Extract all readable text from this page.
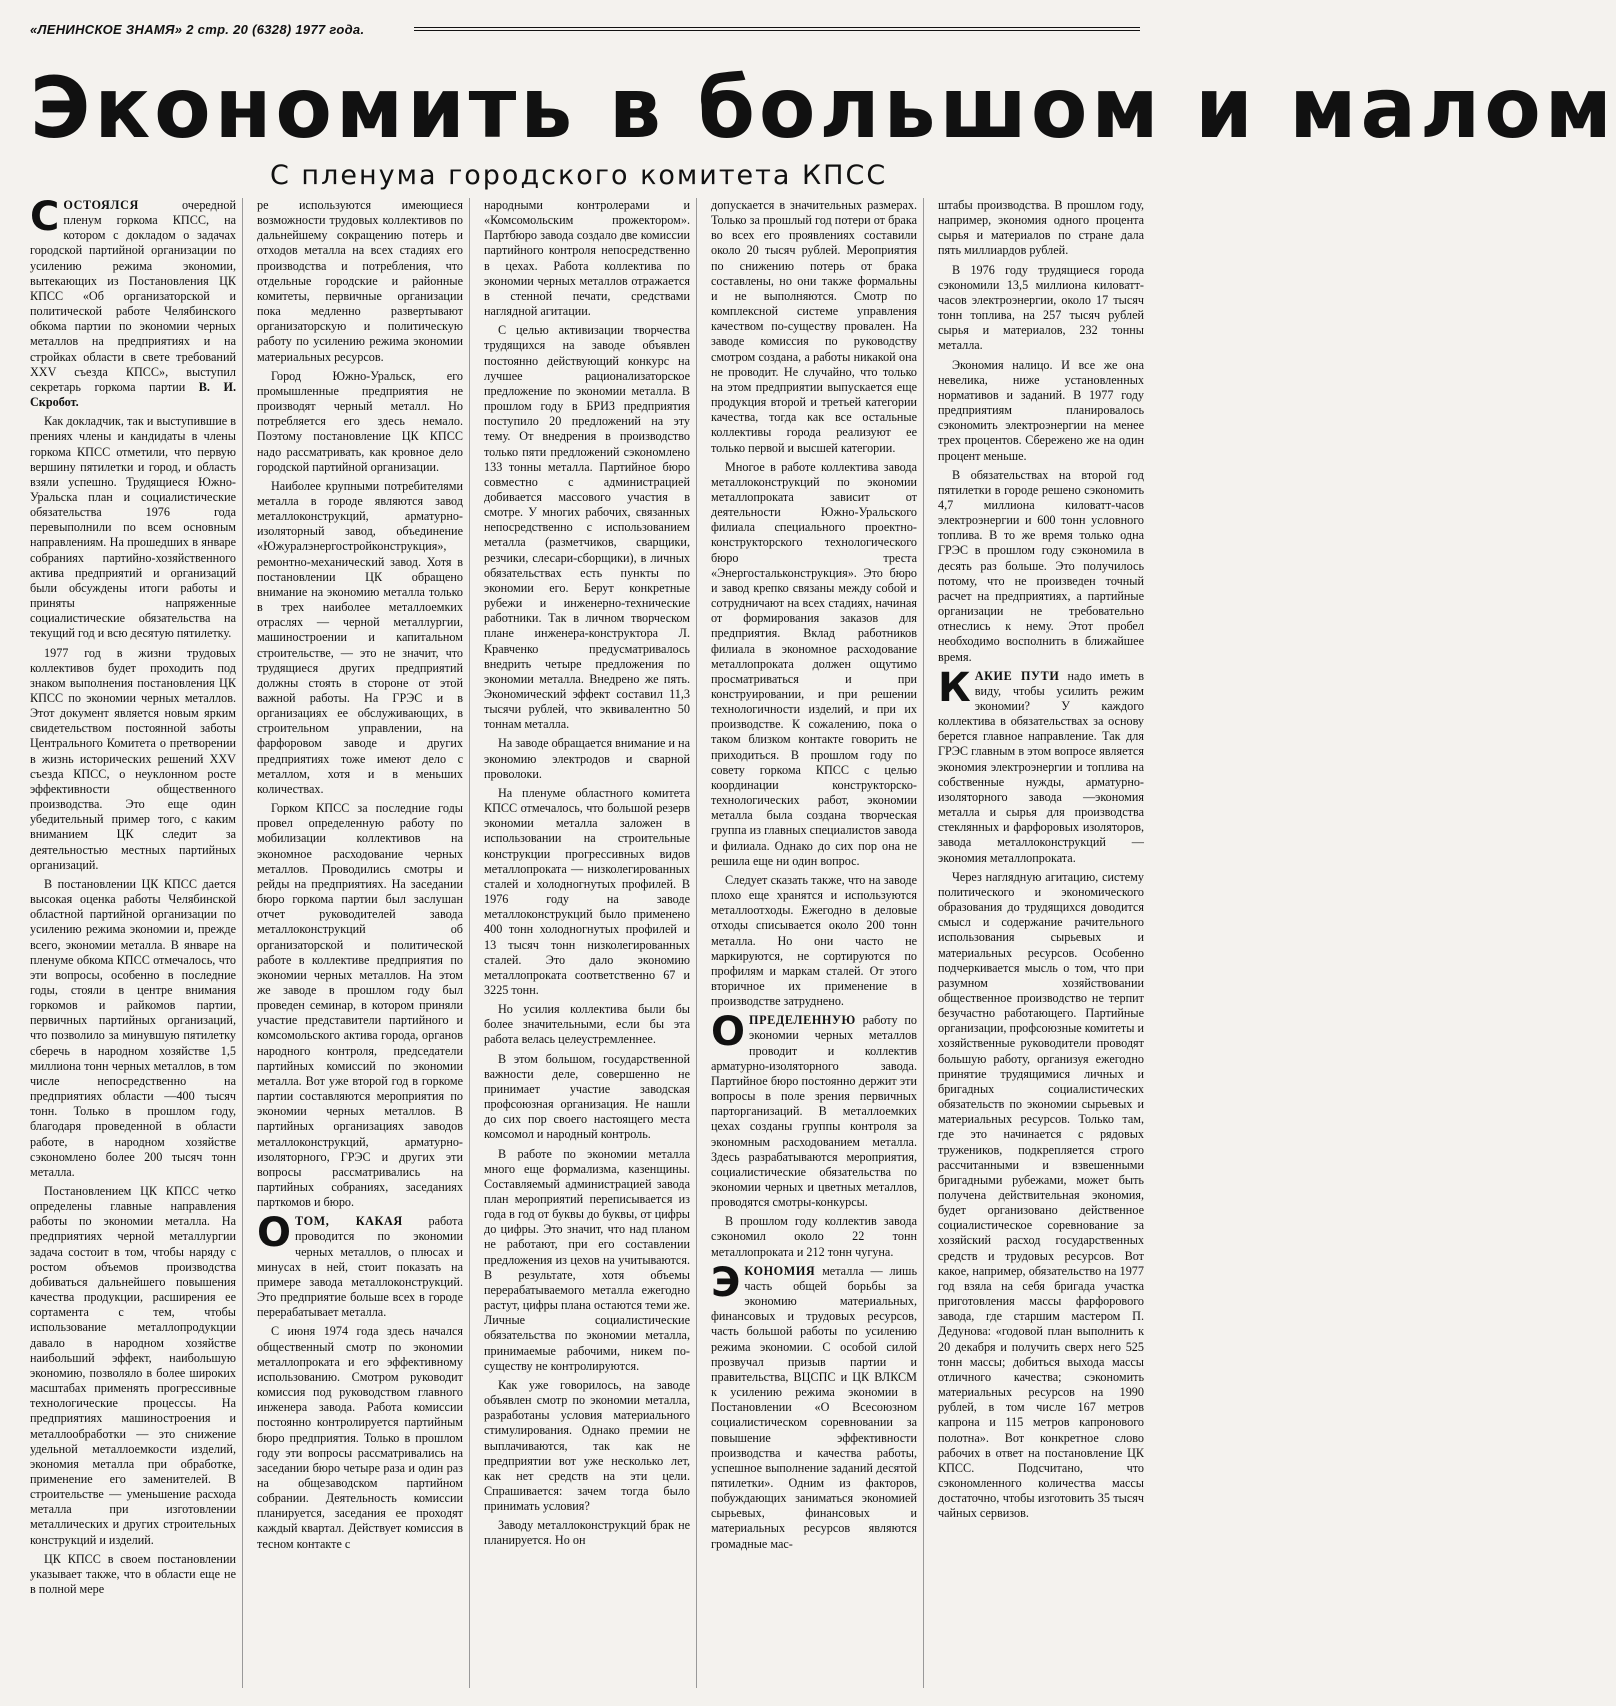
«ЛЕНИНСКОЕ ЗНАМЯ» 2 стр. 20 (6328) 1977 года.
Экономить в большом и малом
С пленума городского комитета КПСС

СОСТОЯЛСЯ очередной пленум горкома КПСС, на котором с докладом о задачах городской партийной организации по усилению режима экономии, вытекающих из Постановления ЦК КПСС «Об организаторской и политической работе Челябинского обкома партии по экономии черных металлов на предприятиях и на стройках области в свете требований XXV съезда КПСС», выступил секретарь горкома партии В. И. Скробот.

Как докладчик, так и выступившие в прениях члены и кандидаты в члены горкома КПСС отметили, что первую вершину пятилетки и город, и область взяли успешно. Трудящиеся Южно-Уральска план и социалистические обязательства 1976 года перевыполнили по всем основным направлениям. На прошедших в январе собраниях партийно-хозяйственного актива предприятий и организаций были обсуждены итоги работы и приняты напряженные социалистические обязательства на текущий год и всю десятую пятилетку.

1977 год в жизни трудовых коллективов будет проходить под знаком выполнения постановления ЦК КПСС по экономии черных металлов. Этот документ является новым ярким свидетельством постоянной заботы Центрального Комитета о претворении в жизнь исторических решений XXV съезда КПСС, о неуклонном росте эффективности общественного производства. Это еще один убедительный пример того, с каким вниманием ЦК следит за деятельностью местных партийных организаций.

В постановлении ЦК КПСС дается высокая оценка работы Челябинской областной партийной организации по усилению режима экономии и, прежде всего, экономии металла. В январе на пленуме обкома КПСС отмечалось, что эти вопросы, особенно в последние годы, стояли в центре внимания горкомов и райкомов партии, первичных партийных организаций, что позволило за минувшую пятилетку сберечь в народном хозяйстве 1,5 миллиона тонн черных металлов, в том числе непосредственно на предприятиях области —400 тысяч тонн. Только в прошлом году, благодаря проведенной в области работе, в народном хозяйстве сэкономлено более 200 тысяч тонн металла.

Постановлением ЦК КПСС четко определены главные направления работы по экономии металла. На предприятиях черной металлургии задача состоит в том, чтобы наряду с ростом объемов производства добиваться дальнейшего повышения качества продукции, расширения ее сортамента с тем, чтобы использование металлопродукции давало в народном хозяйстве наибольший эффект, наибольшую экономию, позволяло в более широких масштабах применять прогрессивные технологические процессы. На предприятиях машиностроения и металлообработки — это снижение удельной металлоемкости изделий, экономия металла при обработке, применение его заменителей. В строительстве — уменьшение расхода металла при изготовлении металлических и других строительных конструкций и изделий.

ЦК КПСС в своем постановлении указывает также, что в области еще не в полной мере

ре используются имеющиеся возможности трудовых коллективов по дальнейшему сокращению потерь и отходов металла на всех стадиях его производства и потребления, что отдельные городские и районные комитеты, первичные организации пока медленно развертывают организаторскую и политическую работу по усилению режима экономии материальных ресурсов.

Город Южно-Уральск, его промышленные предприятия не производят черный металл. Но потребляется его здесь немало. Поэтому постановление ЦК КПСС надо рассматривать, как кровное дело городской партийной организации.

Наиболее крупными потребителями металла в городе являются завод металлоконструкций, арматурно-изоляторный завод, объединение «Южуралэнергостройконструкция», ремонтно-механический завод. Хотя в постановлении ЦК обращено внимание на экономию металла только в трех наиболее металлоемких отраслях — черной металлургии, машиностроении и капитальном строительстве, — это не значит, что трудящиеся других предприятий должны стоять в стороне от этой важной работы. На ГРЭС и в организациях ее обслуживающих, в строительном управлении, на фарфоровом заводе и других предприятиях тоже имеют дело с металлом, хотя и в меньших количествах.

Горком КПСС за последние годы провел определенную работу по мобилизации коллективов на экономное расходование черных металлов. Проводились смотры и рейды на предприятиях. На заседании бюро горкома партии был заслушан отчет руководителей завода металлоконструкций об организаторской и политической работе в коллективе предприятия по экономии черных металлов. На этом же заводе в прошлом году был проведен семинар, в котором приняли участие представители партийного и комсомольского актива города, органов народного контроля, председатели партийных комиссий по экономии металла. Вот уже второй год в горкоме партии составляются мероприятия по экономии черных металлов. В партийных организациях заводов металлоконструкций, арматурно-изоляторного, ГРЭС и других эти вопросы рассматривались на партийных собраниях, заседаниях парткомов и бюро.

ОТОМ, КАКАЯ работа проводится по экономии черных металлов, о плюсах и минусах в ней, стоит показать на примере завода металлоконструкций. Это предприятие больше всех в городе перерабатывает металла.

С июня 1974 года здесь начался общественный смотр по экономии металлопроката и его эффективному использованию. Смотром руководит комиссия под руководством главного инженера завода. Работа комиссии постоянно контролируется партийным бюро предприятия. Только в прошлом году эти вопросы рассматривались на заседании бюро четыре раза и один раз на общезаводском партийном собрании. Деятельность комиссии планируется, заседания ее проходят каждый квартал. Действует комиссия в тесном контакте с

народными контролерами и «Комсомольским прожектором». Партбюро завода создало две комиссии партийного контроля непосредственно в цехах. Работа коллектива по экономии черных металлов отражается в стенной печати, средствами наглядной агитации.

С целью активизации творчества трудящихся на заводе объявлен постоянно действующий конкурс на лучшее рационализаторское предложение по экономии металла. В прошлом году в БРИЗ предприятия поступило 20 предложений на эту тему. От внедрения в производство только пяти предложений сэкономлено 133 тонны металла. Партийное бюро совместно с администрацией добивается массового участия в смотре. У многих рабочих, связанных непосредственно с использованием металла (разметчиков, сварщики, резчики, слесари-сборщики), в личных обязательствах есть пункты по экономии его. Берут конкретные рубежи и инженерно-технические работники. Так в личном творческом плане инженера-конструктора Л. Кравченко предусматривалось внедрить четыре предложения по экономии металла. Внедрено же пять. Экономический эффект составил 11,3 тысячи рублей, что эквивалентно 50 тоннам металла.

На заводе обращается внимание и на экономию электродов и сварной проволоки.

На пленуме областного комитета КПСС отмечалось, что большой резерв экономии металла заложен в использовании на строительные конструкции прогрессивных видов металлопроката — низколегированных сталей и холодногнутых профилей. В 1976 году на заводе металлоконструкций было применено 400 тонн холодногнутых профилей и 13 тысяч тонн низколегированных сталей. Это дало экономию металлопроката соответственно 67 и 3225 тонн.

Но усилия коллектива были бы более значительными, если бы эта работа велась целеустремленнее.

В этом большом, государственной важности деле, совершенно не принимает участие заводская профсоюзная организация. Не нашли до сих пор своего настоящего места комсомол и народный контроль.

В работе по экономии металла много еще формализма, казенщины. Составляемый администрацией завода план мероприятий переписывается из года в год от буквы до буквы, от цифры до цифры. Это значит, что над планом не работают, при его составлении предложения из цехов на учитываются. В результате, хотя объемы перерабатываемого металла ежегодно растут, цифры плана остаются теми же. Личные социалистические обязательства по экономии металла, принимаемые рабочими, никем по-существу не контролируются.

Как уже говорилось, на заводе объявлен смотр по экономии металла, разработаны условия материального стимулирования. Однако премии не выплачиваются, так как не предприятии вот уже несколько лет, как нет средств на эти цели. Спрашивается: зачем тогда было принимать условия?

Заводу металлоконструкций брак не планируется. Но он

допускается в значительных размерах. Только за прошлый год потери от брака во всех его проявлениях составили около 20 тысяч рублей. Мероприятия по снижению потерь от брака составлены, но они также формальны и не выполняются. Смотр по комплексной системе управления качеством по-существу провален. На заводе комиссия по руководству смотром создана, а работы никакой она не проводит. Не случайно, что только на этом предприятии выпускается еще продукция второй и третьей категории качества, тогда как все остальные коллективы города реализуют ее только первой и высшей категории.

Многое в работе коллектива завода металлоконструкций по экономии металлопроката зависит от деятельности Южно-Уральского филиала специального проектно-конструкторского технологического бюро треста «Энергостальконструкция». Это бюро и завод крепко связаны между собой и сотрудничают на всех стадиях, начиная от формирования заказов для предприятия. Вклад работников филиала в экономное расходование металлопроката должен ощутимо просматриваться и при конструировании, и при решении технологичности изделий, и при их производстве. К сожалению, пока о таком близком контакте говорить не приходиться. В прошлом году по совету горкома КПСС с целью координации конструкторско-технологических работ, экономии металла была создана творческая группа из главных специалистов завода и филиала. Однако до сих пор она не решила еще ни один вопрос.

Следует сказать также, что на заводе плохо еще хранятся и используются металлоотходы. Ежегодно в деловые отходы списывается около 200 тонн металла. Но они часто не маркируются, не сортируются по профилям и маркам сталей. От этого вторичное их применение в производстве затруднено.

ОПРЕДЕЛЕННУЮ работу по экономии черных металлов проводит и коллектив арматурно-изоляторного завода. Партийное бюро постоянно держит эти вопросы в поле зрения первичных парторганизаций. В металлоемких цехах созданы группы контроля за экономным расходованием металла. Здесь разрабатываются мероприятия, социалистические обязательства по экономии черных и цветных металлов, проводятся смотры-конкурсы.

В прошлом году коллектив завода сэкономил около 22 тонн металлопроката и 212 тонн чугуна.

ЭКОНОМИЯ металла — лишь часть общей борьбы за экономию материальных, финансовых и трудовых ресурсов, часть большой работы по усилению режима экономии. С особой силой прозвучал призыв партии и правительства, ВЦСПС и ЦК ВЛКСМ к усилению режима экономии в Постановлении «О Всесоюзном социалистическом соревновании за повышение эффективности производства и качества работы, успешное выполнение заданий десятой пятилетки». Одним из факторов, побуждающих заниматься экономией сырьевых, финансовых и материальных ресурсов являются громадные мас-

штабы производства. В прошлом году, например, экономия одного процента сырья и материалов по стране дала пять миллиардов рублей.

В 1976 году трудящиеся города сэкономили 13,5 миллиона киловатт-часов электроэнергии, около 17 тысяч тонн топлива, на 257 тысяч рублей сырья и материалов, 232 тонны металла.

Экономия налицо. И все же она невелика, ниже установленных нормативов и заданий. В 1977 году предприятиям планировалось сэкономить электроэнергии на менее трех процентов. Сбережено же на один процент меньше.

В обязательствах на второй год пятилетки в городе решено сэкономить 4,7 миллиона киловатт-часов электроэнергии и 600 тонн условного топлива. В то же время только одна ГРЭС в прошлом году сэкономила в десять раз больше. Это получилось потому, что не произведен точный расчет на предприятиях, а партийные организации не требовательно отнеслись к нему. Этот пробел необходимо восполнить в ближайшее время.

КАКИЕ ПУТИ надо иметь в виду, чтобы усилить режим экономии? У каждого коллектива в обязательствах за основу берется главное направление. Так для ГРЭС главным в этом вопросе является экономия электроэнергии и топлива на собственные нужды, арматурно-изоляторного завода —экономия металла и сырья для производства стеклянных и фарфоровых изоляторов, завода металлоконструкций — экономия металлопроката.

Через наглядную агитацию, систему политического и экономического образования до трудящихся доводится смысл и содержание рачительного использования сырьевых и материальных ресурсов. Особенно подчеркивается мысль о том, что при разумном хозяйствовании общественное производство не терпит безучастно работающего. Партийные организации, профсоюзные комитеты и хозяйственные руководители проводят большую работу, организуя ежегодно принятие трудящимися личных и бригадных социалистических обязательств по экономии сырьевых и материальных ресурсов. Только там, где это начинается с рядовых тружеников, подкрепляется строго рассчитанными и взвешенными бригадными рубежами, может быть получена действительная экономия, будет организовано действенное социалистическое соревнование за хозяйский расход государственных средств и трудовых ресурсов. Вот какое, например, обязательство на 1977 год взяла на себя бригада участка приготовления массы фарфорового завода, где старшим мастером П. Дедунова: «годовой план выполнить к 20 декабря и получить сверх него 525 тонн массы; добиться выхода массы отличного качества; сэкономить материальных ресурсов на 1990 рублей, в том числе 167 метров капрона и 115 метров капронового полотна». Вот конкретное слово рабочих в ответ на постановление ЦК КПСС. Подсчитано, что сэкономленного количества массы достаточно, чтобы изготовить 35 тысяч чайных сервизов.
